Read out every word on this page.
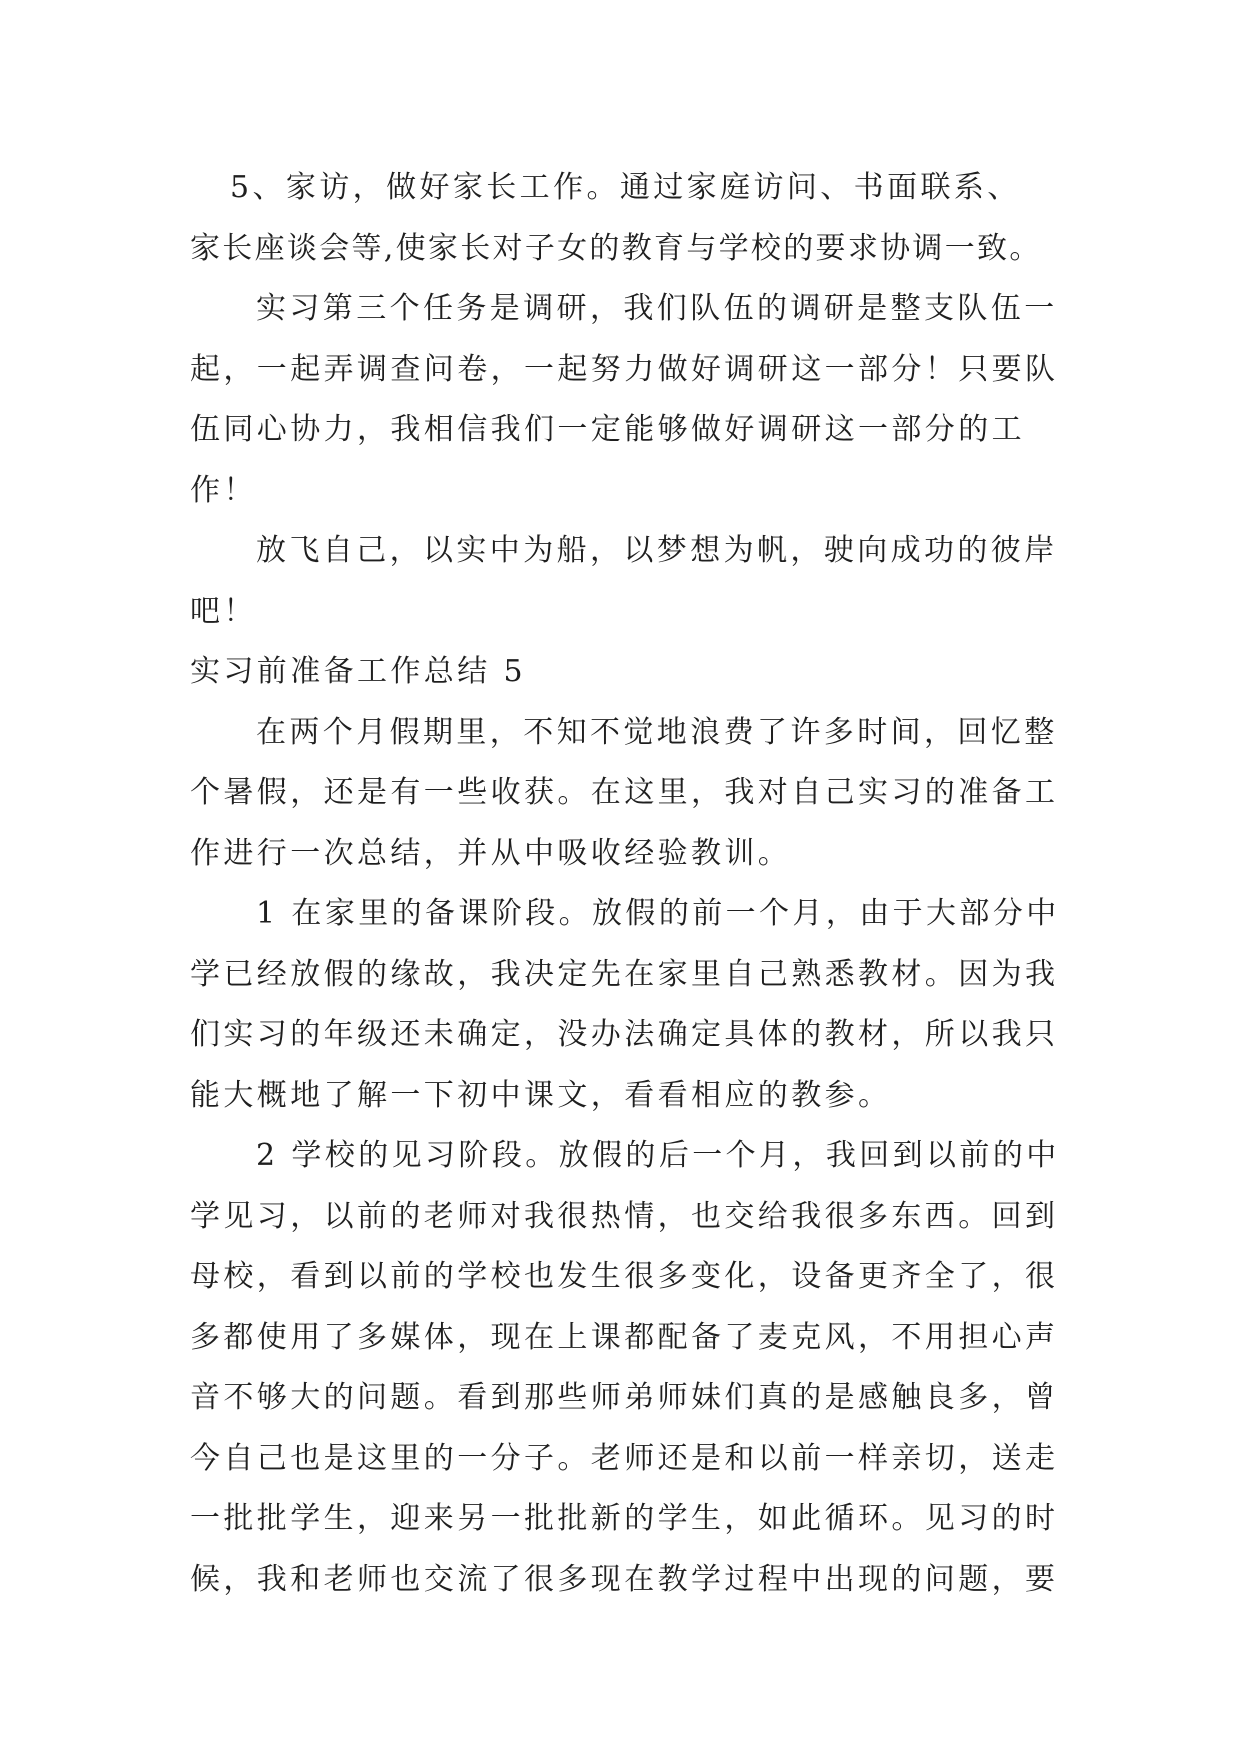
5、家访，做好家长工作。通过家庭访问、书面联系、
家长座谈会等,使家长对子女的教育与学校的要求协调一致。
实习第三个任务是调研，我们队伍的调研是整支队伍一
起，一起弄调查问卷，一起努力做好调研这一部分！只要队
伍同心协力，我相信我们一定能够做好调研这一部分的工
作！
放飞自己，以实中为船，以梦想为帆，驶向成功的彼岸
吧！
实习前准备工作总结 5
在两个月假期里，不知不觉地浪费了许多时间，回忆整
个暑假，还是有一些收获。在这里，我对自己实习的准备工
作进行一次总结，并从中吸收经验教训。
1 在家里的备课阶段。放假的前一个月，由于大部分中
学已经放假的缘故，我决定先在家里自己熟悉教材。因为我
们实习的年级还未确定，没办法确定具体的教材，所以我只
能大概地了解一下初中课文，看看相应的教参。
2 学校的见习阶段。放假的后一个月，我回到以前的中
学见习，以前的老师对我很热情，也交给我很多东西。回到
母校，看到以前的学校也发生很多变化，设备更齐全了，很
多都使用了多媒体，现在上课都配备了麦克风，不用担心声
音不够大的问题。看到那些师弟师妹们真的是感触良多，曾
今自己也是这里的一分子。老师还是和以前一样亲切，送走
一批批学生，迎来另一批批新的学生，如此循环。见习的时
候，我和老师也交流了很多现在教学过程中出现的问题，要
